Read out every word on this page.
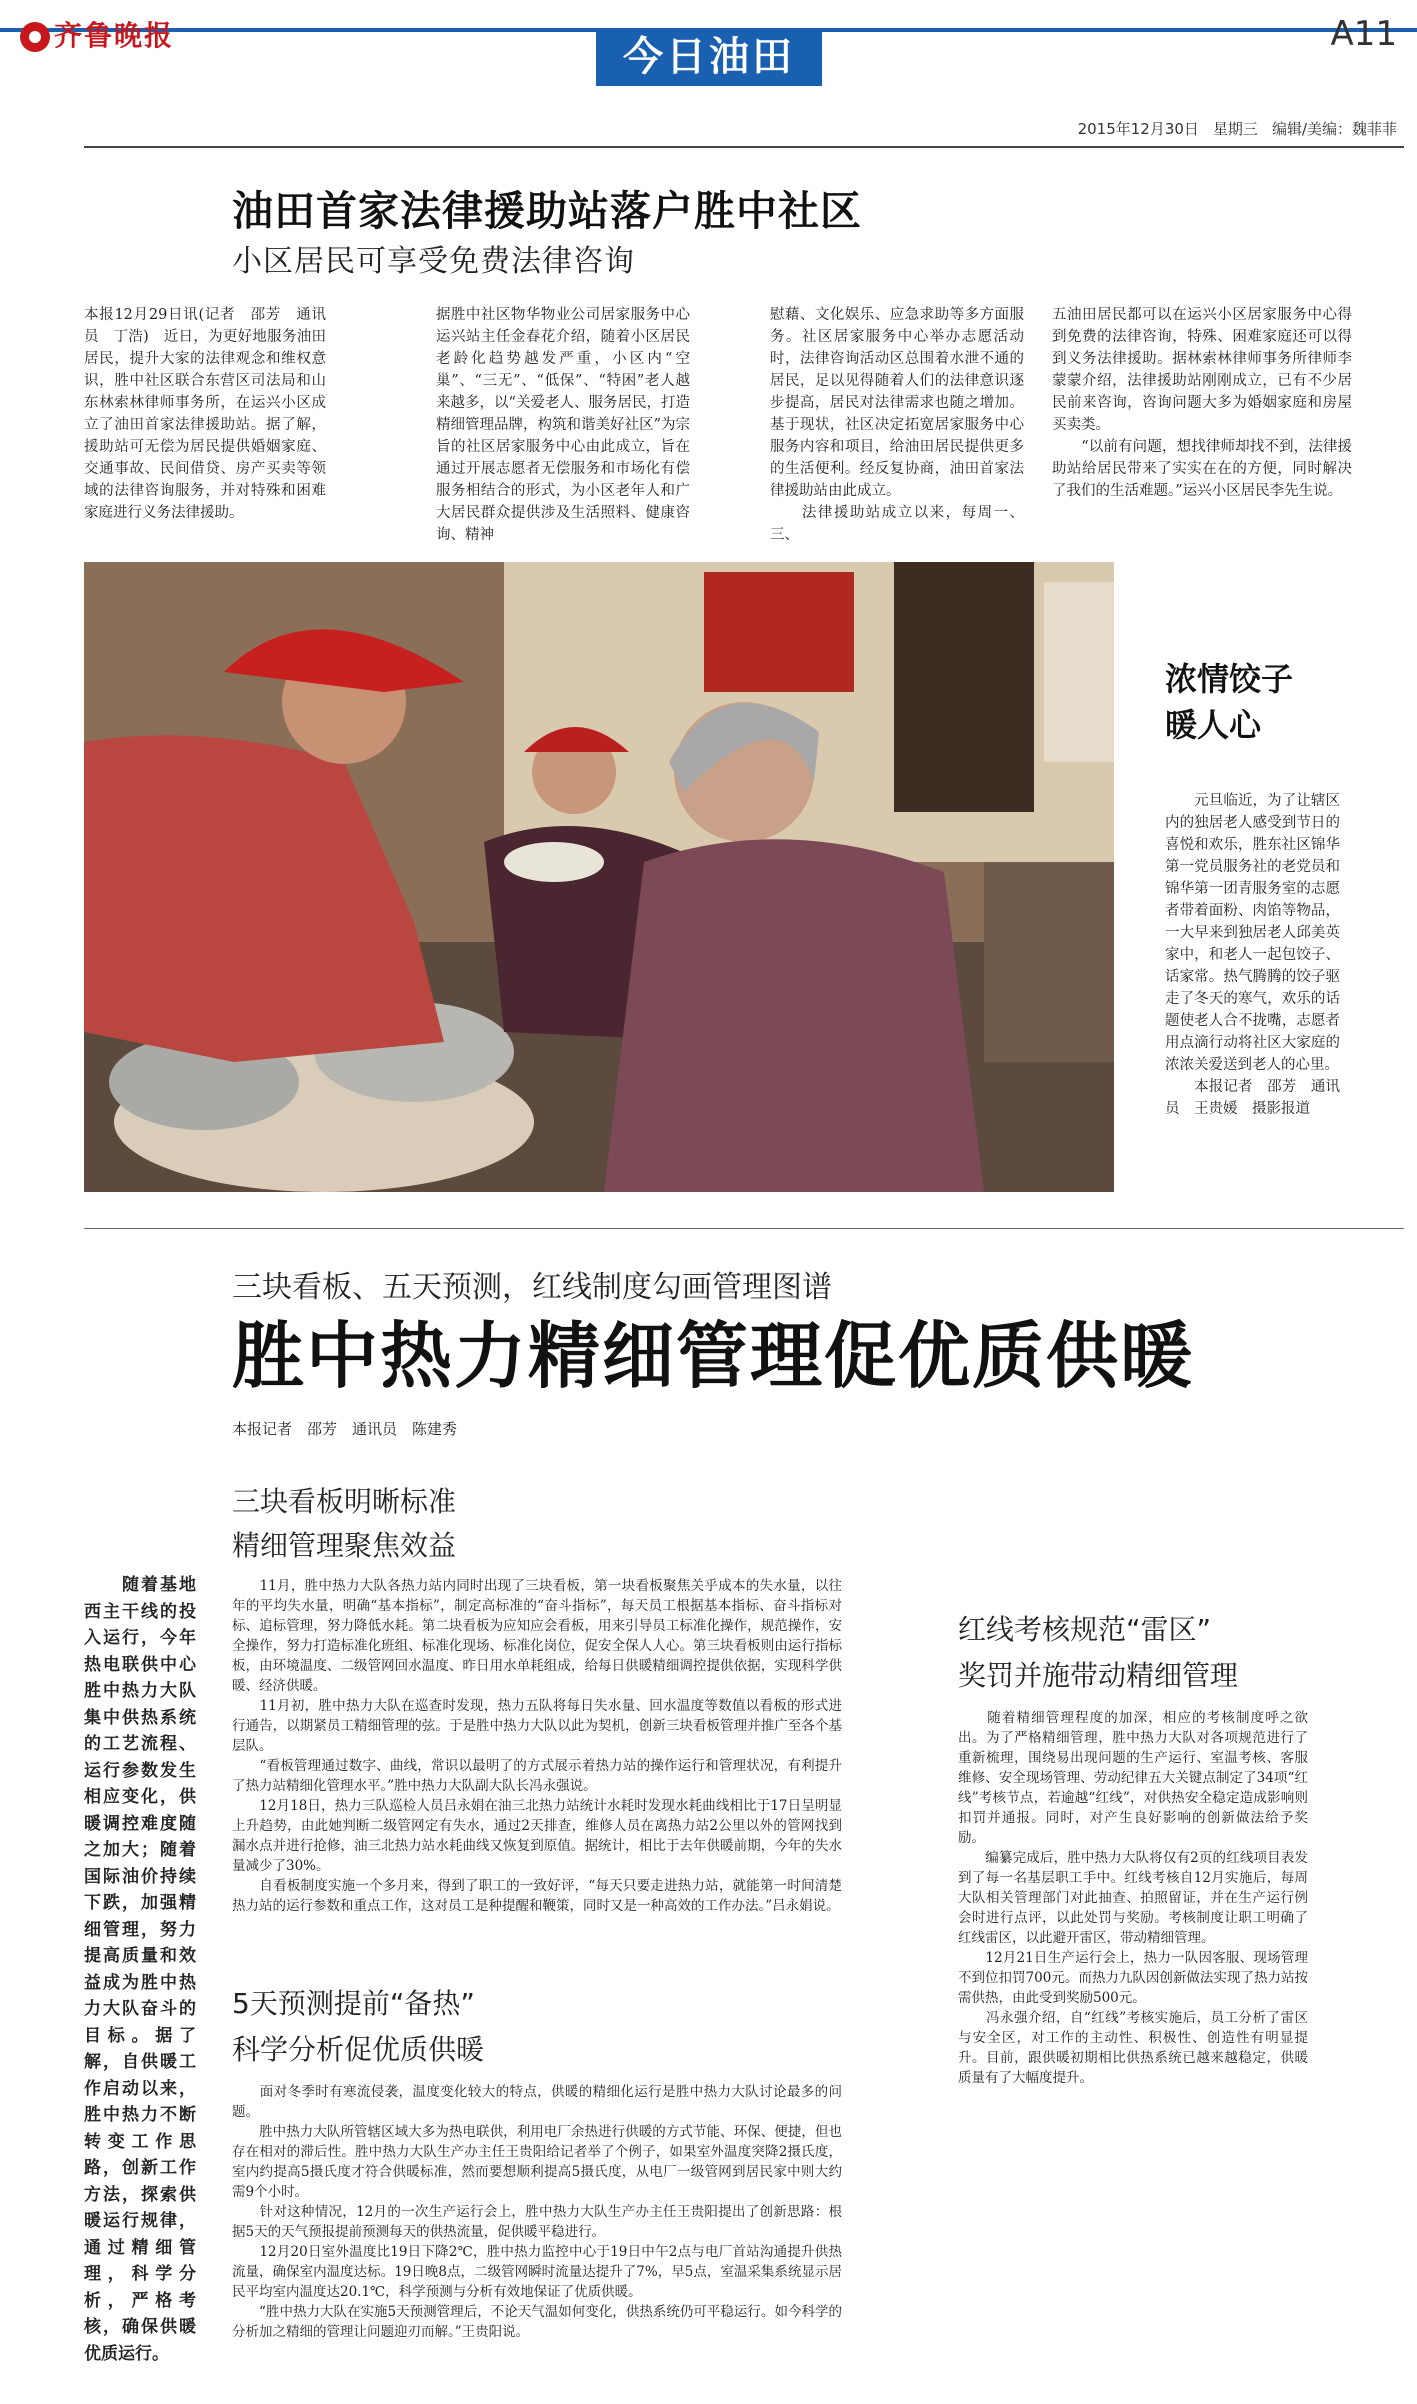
齐鲁晚报	今日油田	A11
2015年12月30日 星期三 编辑/美编：魏菲菲
油田首家法律援助站落户胜中社区
小区居民可享受免费法律咨询
本报12月29日讯(记者　邵芳　通讯员　丁浩)　近日，为更好地服务油田居民，提升大家的法律观念和维权意识，胜中社区联合东营区司法局和山东林索林律师事务所，在运兴小区成立了油田首家法律援助站。据了解，援助站可无偿为居民提供婚姻家庭、交通事故、民间借贷、房产买卖等领域的法律咨询服务，并对特殊和困难家庭进行义务法律援助。
据胜中社区物华物业公司居家服务中心运兴站主任金春花介绍，随着小区居民老龄化趋势越发严重，小区内“空巢”、“三无”、“低保”、“特困”老人越来越多，以“关爱老人、服务居民，打造精细管理品牌，构筑和谐美好社区”为宗旨的社区居家服务中心由此成立，旨在通过开展志愿者无偿服务和市场化有偿服务相结合的形式，为小区老年人和广大居民群众提供涉及生活照料、健康咨询、精神
慰藉、文化娱乐、应急求助等多方面服务。社区居家服务中心举办志愿活动时，法律咨询活动区总围着水泄不通的居民，足以见得随着人们的法律意识逐步提高，居民对法律需求也随之增加。基于现状，社区决定拓宽居家服务中心服务内容和项目，给油田居民提供更多的生活便利。经反复协商，油田首家法律援助站由此成立。
　　法律援助站成立以来，每周一、三、
五油田居民都可以在运兴小区居家服务中心得到免费的法律咨询，特殊、困难家庭还可以得到义务法律援助。据林索林律师事务所律师李蒙蒙介绍，法律援助站刚刚成立，已有不少居民前来咨询，咨询问题大多为婚姻家庭和房屋买卖类。
　　“以前有问题，想找律师却找不到，法律援助站给居民带来了实实在在的方便，同时解决了我们的生活难题。”运兴小区居民李先生说。
浓情饺子
暖人心
　　元旦临近，为了让辖区内的独居老人感受到节日的喜悦和欢乐，胜东社区锦华第一党员服务社的老党员和锦华第一团青服务室的志愿者带着面粉、肉馅等物品，一大早来到独居老人邱美英家中，和老人一起包饺子、话家常。热气腾腾的饺子驱走了冬天的寒气，欢乐的话题使老人合不拢嘴，志愿者用点滴行动将社区大家庭的浓浓关爱送到老人的心里。
　　本报记者　邵芳　通讯员　王贵媛　摄影报道
三块看板、五天预测，红线制度勾画管理图谱
胜中热力精细管理促优质供暖
本报记者　邵芳　通讯员　陈建秀
　　随着基地西主干线的投入运行，今年热电联供中心胜中热力大队集中供热系统的工艺流程、运行参数发生相应变化，供暖调控难度随之加大；随着国际油价持续下跌，加强精细管理，努力提高质量和效益成为胜中热力大队奋斗的目标。据了解，自供暖工作启动以来，胜中热力不断转变工作思路，创新工作方法，探索供暖运行规律，通过精细管理，科学分析，严格考核，确保供暖优质运行。
三块看板明晰标准
精细管理聚焦效益
　　11月，胜中热力大队各热力站内同时出现了三块看板，第一块看板聚焦关乎成本的失水量，以往年的平均失水量，明确“基本指标”，制定高标准的“奋斗指标”，每天员工根据基本指标、奋斗指标对标、追标管理，努力降低水耗。第二块看板为应知应会看板，用来引导员工标准化操作，规范操作，安全操作，努力打造标准化班组、标准化现场、标准化岗位，促安全保人人心。第三块看板则由运行指标板，由环境温度、二级管网回水温度、昨日用水单耗组成，给每日供暖精细调控提供依据，实现科学供暖、经济供暖。
　　11月初，胜中热力大队在巡查时发现，热力五队将每日失水量、回水温度等数值以看板的形式进行通告，以期紧员工精细管理的弦。于是胜中热力大队以此为契机，创新三块看板管理并推广至各个基层队。
　　“看板管理通过数字、曲线，常识以最明了的方式展示着热力站的操作运行和管理状况，有利提升了热力站精细化管理水平。”胜中热力大队副大队长冯永强说。
　　12月18日，热力三队巡检人员吕永娟在油三北热力站统计水耗时发现水耗曲线相比于17日呈明显上升趋势，由此她判断二级管网定有失水，通过2天排查，维修人员在离热力站2公里以外的管网找到漏水点并进行抢修，油三北热力站水耗曲线又恢复到原值。据统计，相比于去年供暖前期，今年的失水量减少了30%。
　　自看板制度实施一个多月来，得到了职工的一致好评，“每天只要走进热力站，就能第一时间清楚热力站的运行参数和重点工作，这对员工是种提醒和鞭策，同时又是一种高效的工作办法。”吕永娟说。
5天预测提前“备热”
科学分析促优质供暖
　　面对冬季时有寒流侵袭，温度变化较大的特点，供暖的精细化运行是胜中热力大队讨论最多的问题。
　　胜中热力大队所管辖区域大多为热电联供，利用电厂余热进行供暖的方式节能、环保、便捷，但也存在相对的滞后性。胜中热力大队生产办主任王贵阳给记者举了个例子，如果室外温度突降2摄氏度，室内约提高5摄氏度才符合供暖标准，然而要想顺利提高5摄氏度，从电厂一级管网到居民家中则大约需9个小时。
　　针对这种情况，12月的一次生产运行会上，胜中热力大队生产办主任王贵阳提出了创新思路：根据5天的天气预报提前预测每天的供热流量，促供暖平稳进行。
　　12月20日室外温度比19日下降2℃，胜中热力监控中心于19日中午2点与电厂首站沟通提升供热流量，确保室内温度达标。19日晚8点，二级管网瞬时流量达提升了7%，早5点，室温采集系统显示居民平均室内温度达20.1℃，科学预测与分析有效地保证了优质供暖。
　　“胜中热力大队在实施5天预测管理后，不论天气温如何变化，供热系统仍可平稳运行。如今科学的分析加之精细的管理让问题迎刃而解。”王贵阳说。
红线考核规范“雷区”
奖罚并施带动精细管理
　　随着精细管理程度的加深，相应的考核制度呼之欲出。为了严格精细管理，胜中热力大队对各项规范进行了重新梳理，围绕易出现问题的生产运行、室温考核、客服维修、安全现场管理、劳动纪律五大关键点制定了34项“红线”考核节点，若逾越“红线”，对供热安全稳定造成影响则扣罚并通报。同时，对产生良好影响的创新做法给予奖励。
　　编纂完成后，胜中热力大队将仅有2页的红线项目表发到了每一名基层职工手中。红线考核自12月实施后，每周大队相关管理部门对此抽查、拍照留证，并在生产运行例会时进行点评，以此处罚与奖励。考核制度让职工明确了红线雷区，以此避开雷区，带动精细管理。
　　12月21日生产运行会上，热力一队因客服、现场管理不到位扣罚700元。而热力九队因创新做法实现了热力站按需供热，由此受到奖励500元。
　　冯永强介绍，自“红线”考核实施后，员工分析了雷区与安全区，对工作的主动性、积极性、创造性有明显提升。目前，跟供暖初期相比供热系统已越来越稳定，供暖质量有了大幅度提升。
